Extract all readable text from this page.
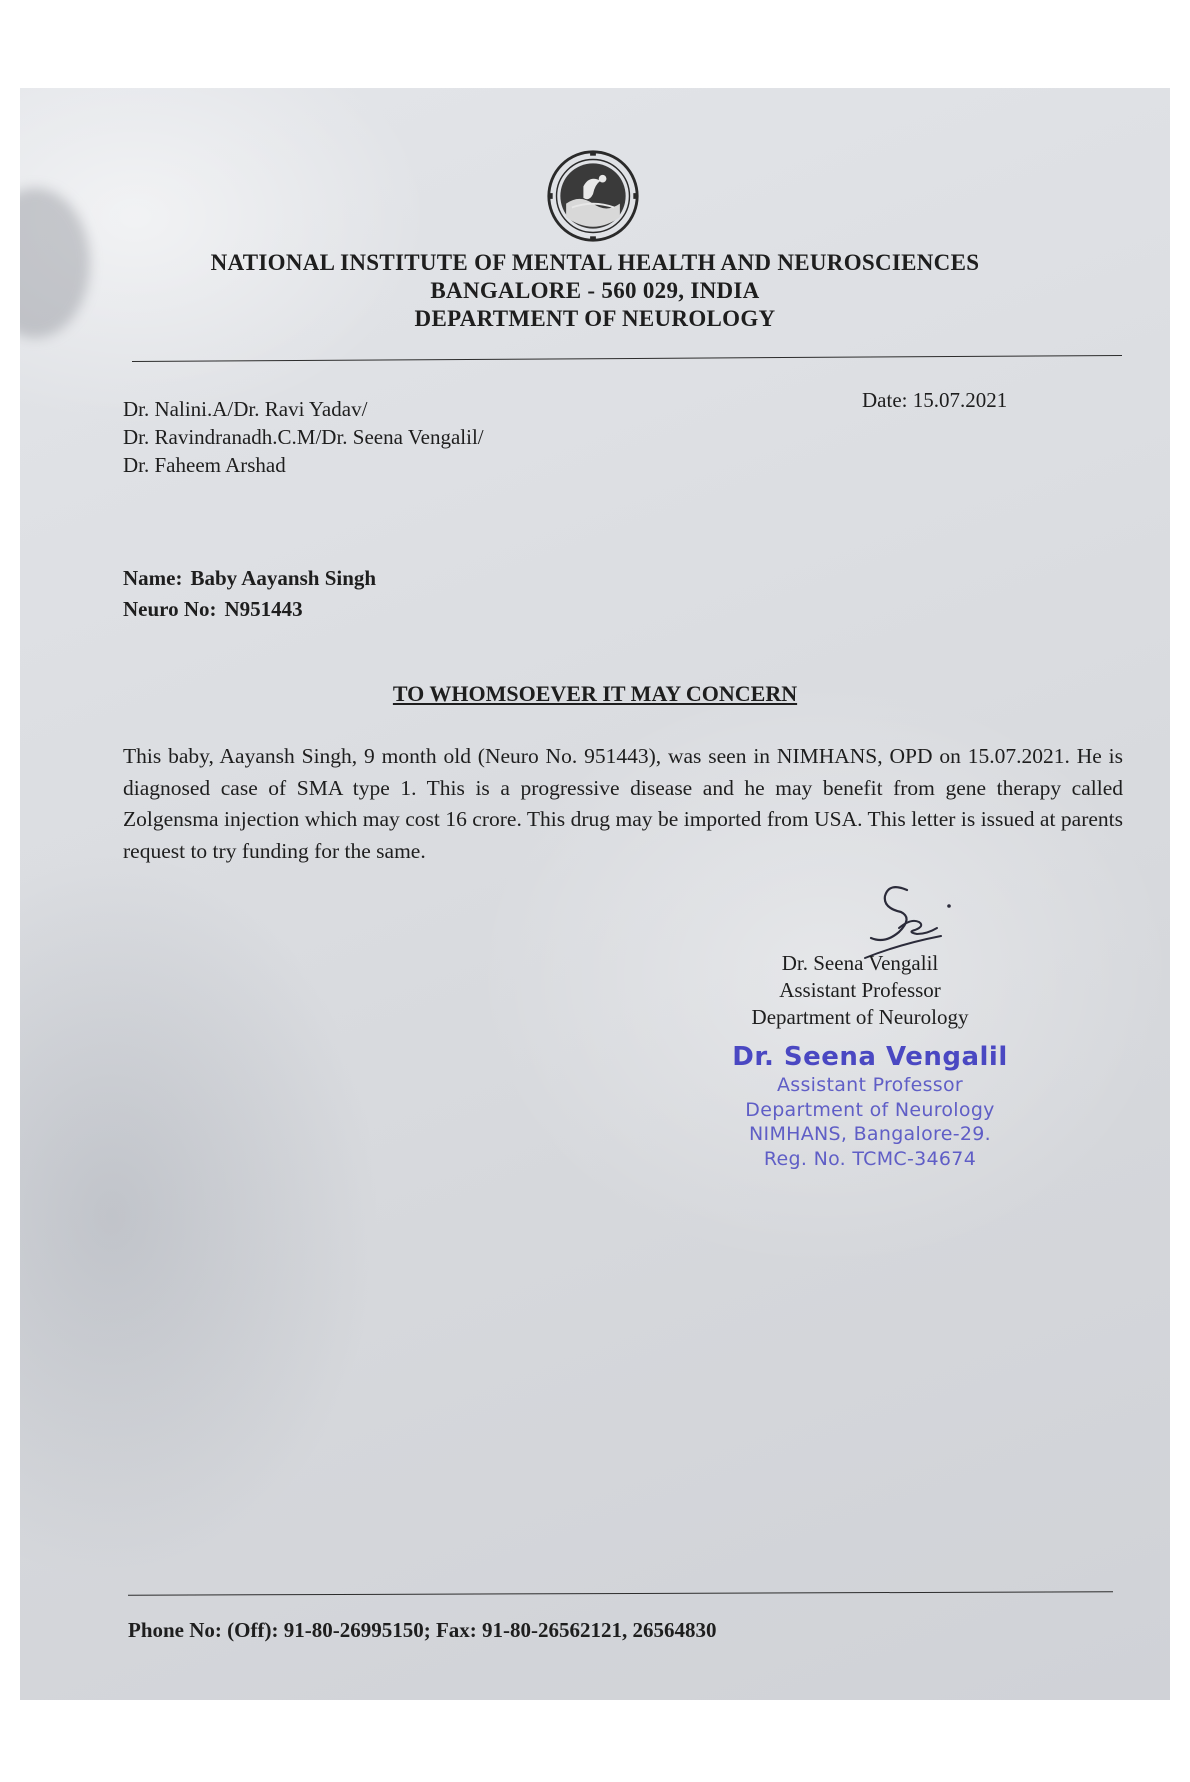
NATIONAL INSTITUTE OF MENTAL HEALTH AND NEUROSCIENCES
BANGALORE - 560 029, INDIA
DEPARTMENT OF NEUROLOGY
Dr. Nalini.A/Dr. Ravi Yadav/
Dr. Ravindranadh.C.M/Dr. Seena Vengalil/
Dr. Faheem Arshad
Date: 15.07.2021
Name: Baby Aayansh Singh
Neuro No: N951443
TO WHOMSOEVER IT MAY CONCERN
This baby, Aayansh Singh, 9 month old (Neuro No. 951443), was seen in NIMHANS, OPD on 15.07.2021. He is diagnosed case of SMA type 1. This is a progressive disease and he may benefit from gene therapy called Zolgensma injection which may cost 16 crore. This drug may be imported from USA. This letter is issued at parents request to try funding for the same.
Dr. Seena Vengalil
Assistant Professor
Department of Neurology
Dr. Seena Vengalil
Assistant Professor
Department of Neurology
NIMHANS, Bangalore-29.
Reg. No. TCMC-34674
Phone No: (Off): 91-80-26995150; Fax: 91-80-26562121, 26564830
